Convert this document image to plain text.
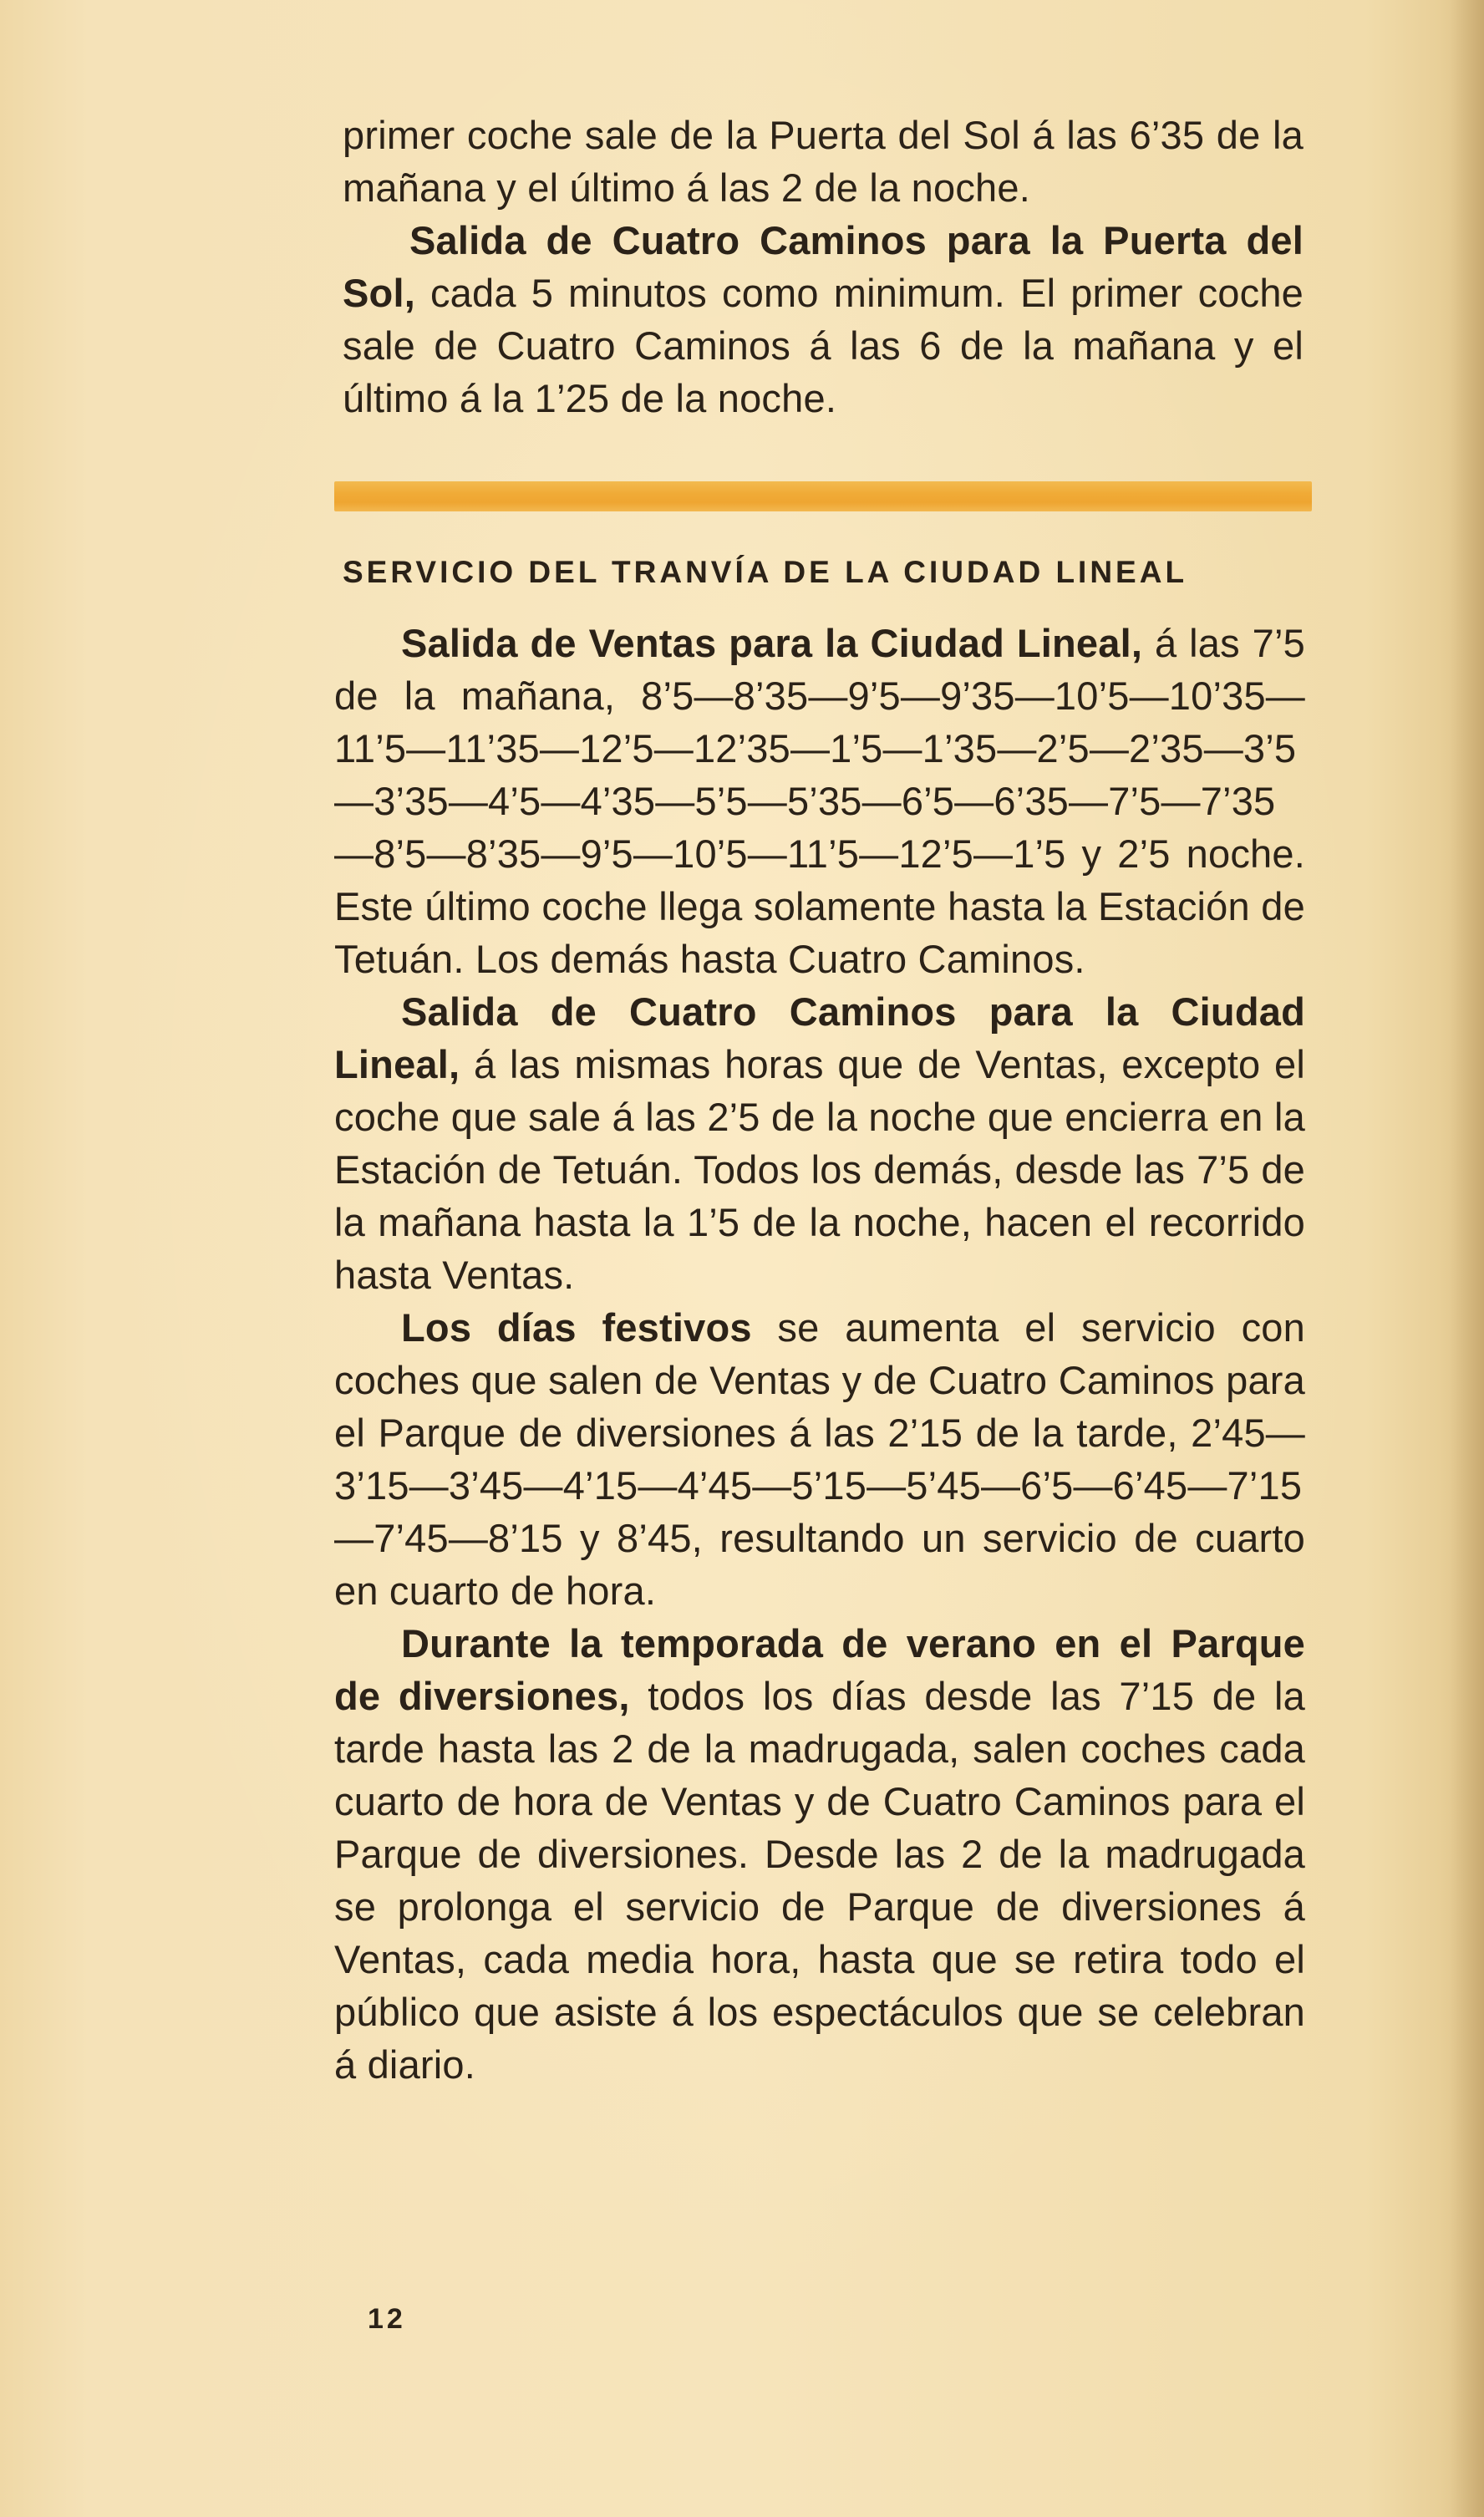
primer coche sale de la Puerta del Sol á las 6’35 de la mañana y el último á las 2 de la noche.

Salida de Cuatro Caminos para la Puerta del Sol, cada 5 minutos como minimum. El primer coche sale de Cuatro Caminos á las 6 de la mañana y el último á la 1’25 de la noche.

SERVICIO DEL TRANVÍA DE LA CIUDAD LINEAL

Salida de Ventas para la Ciudad Lineal, á las 7’5 de la mañana, 8’5—8’35—9’5—9’35—10’5—10’35—11’5—11’35—12’5—12’35—1’5—1’35—2’5—2’35—3’5—3’35—4’5—4’35—5’5—5’35—6’5—6’35—7’5—7’35—8’5—8’35—9’5—10’5—11’5—12’5—1’5 y 2’5 noche. Este último coche llega solamente hasta la Estación de Tetuán. Los demás hasta Cuatro Caminos.

Salida de Cuatro Caminos para la Ciudad Lineal, á las mismas horas que de Ventas, excepto el coche que sale á las 2’5 de la noche que encierra en la Estación de Tetuán. Todos los demás, desde las 7’5 de la mañana hasta la 1’5 de la noche, hacen el recorrido hasta Ventas.

Los días festivos se aumenta el servicio con coches que salen de Ventas y de Cuatro Caminos para el Parque de diversiones á las 2’15 de la tarde, 2’45—3’15—3’45—4’15—4’45—5’15—5’45—6’5—6’45—7’15—7’45—8’15 y 8’45, resultando un servicio de cuarto en cuarto de hora.

Durante la temporada de verano en el Parque de diversiones, todos los días desde las 7’15 de la tarde hasta las 2 de la madrugada, salen coches cada cuarto de hora de Ventas y de Cuatro Caminos para el Parque de diversiones. Desde las 2 de la madrugada se prolonga el servicio de Parque de diversiones á Ventas, cada media hora, hasta que se retira todo el público que asiste á los espectáculos que se celebran á diario.

12
